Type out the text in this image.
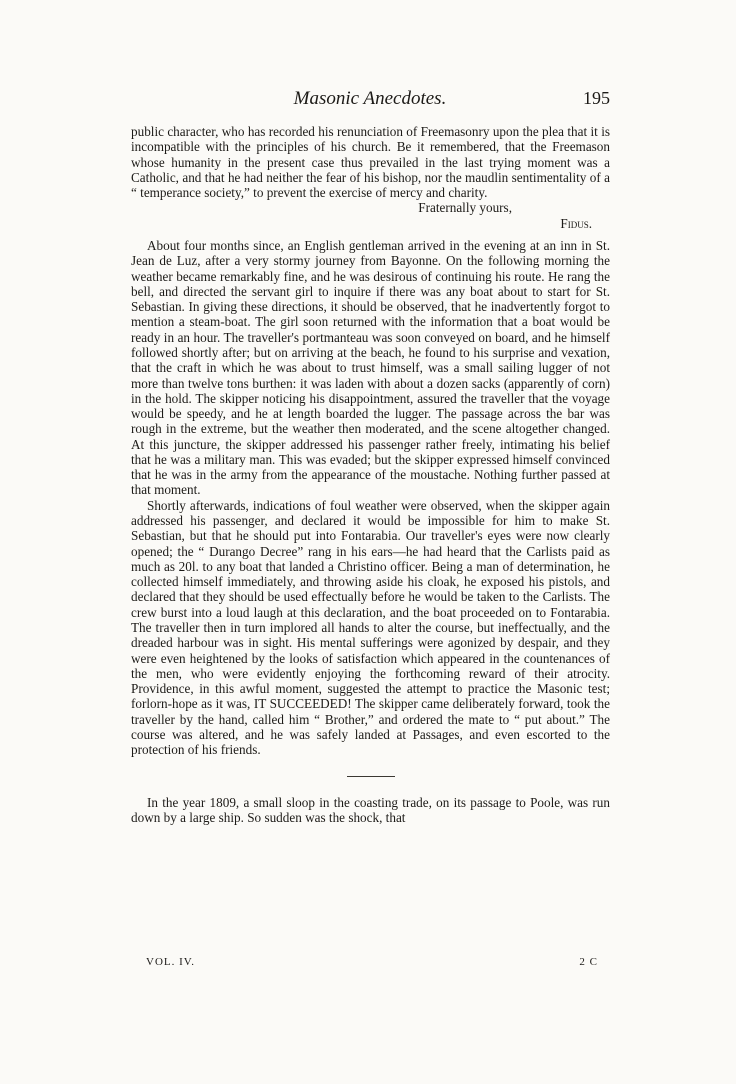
Masonic Anecdotes.	195

public character, who has recorded his renunciation of Freemasonry upon the plea that it is incompatible with the principles of his church. Be it remembered, that the Freemason whose humanity in the present case thus prevailed in the last trying moment was a Catholic, and that he had neither the fear of his bishop, nor the maudlin sentimentality of a “ temperance society,” to prevent the exercise of mercy and charity.

Fraternally yours,

Fidus.

About four months since, an English gentleman arrived in the evening at an inn in St. Jean de Luz, after a very stormy journey from Bayonne. On the following morning the weather became remarkably fine, and he was desirous of continuing his route. He rang the bell, and directed the servant girl to inquire if there was any boat about to start for St. Sebastian. In giving these directions, it should be observed, that he inadvertently forgot to mention a steam-boat. The girl soon returned with the information that a boat would be ready in an hour. The traveller's portmanteau was soon conveyed on board, and he himself followed shortly after; but on arriving at the beach, he found to his surprise and vexation, that the craft in which he was about to trust himself, was a small sailing lugger of not more than twelve tons burthen: it was laden with about a dozen sacks (apparently of corn) in the hold. The skipper noticing his disappointment, assured the traveller that the voyage would be speedy, and he at length boarded the lugger. The passage across the bar was rough in the extreme, but the weather then moderated, and the scene altogether changed. At this juncture, the skipper addressed his passenger rather freely, intimating his belief that he was a military man. This was evaded; but the skipper expressed himself convinced that he was in the army from the appearance of the moustache. Nothing further passed at that moment.

Shortly afterwards, indications of foul weather were observed, when the skipper again addressed his passenger, and declared it would be impossible for him to make St. Sebastian, but that he should put into Fontarabia. Our traveller's eyes were now clearly opened; the “ Durango Decree” rang in his ears—he had heard that the Carlists paid as much as 20l. to any boat that landed a Christino officer. Being a man of determination, he collected himself immediately, and throwing aside his cloak, he exposed his pistols, and declared that they should be used effectually before he would be taken to the Carlists. The crew burst into a loud laugh at this declaration, and the boat proceeded on to Fontarabia. The traveller then in turn implored all hands to alter the course, but ineffectually, and the dreaded harbour was in sight. His mental sufferings were agonized by despair, and they were even heightened by the looks of satisfaction which appeared in the countenances of the men, who were evidently enjoying the forthcoming reward of their atrocity. Providence, in this awful moment, suggested the attempt to practice the Masonic test; forlorn-hope as it was, IT SUCCEEDED! The skipper came deliberately forward, took the traveller by the hand, called him “ Brother,” and ordered the mate to “ put about.” The course was altered, and he was safely landed at Passages, and even escorted to the protection of his friends.

In the year 1809, a small sloop in the coasting trade, on its passage to Poole, was run down by a large ship. So sudden was the shock, that

VOL. IV.	2 C
